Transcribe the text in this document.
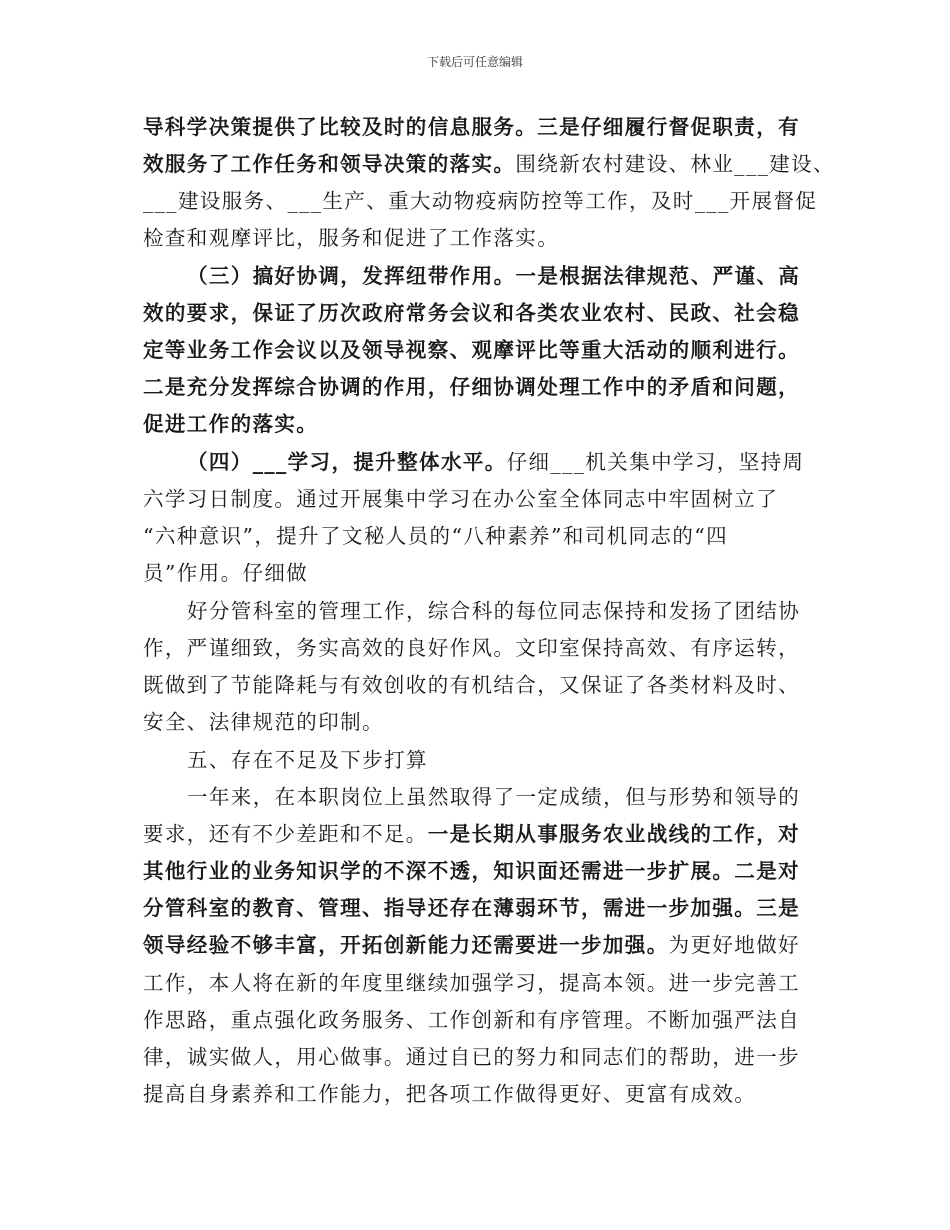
下载后可任意编辑
导科学决策提供了比较及时的信息服务。三是仔细履行督促职责，有
效服务了工作任务和领导决策的落实。围绕新农村建设、林业___建设、
___建设服务、___生产、重大动物疫病防控等工作，及时___开展督促
检查和观摩评比，服务和促进了工作落实。
（三）搞好协调，发挥纽带作用。一是根据法律规范、严谨、高
效的要求，保证了历次政府常务会议和各类农业农村、民政、社会稳
定等业务工作会议以及领导视察、观摩评比等重大活动的顺利进行。
二是充分发挥综合协调的作用，仔细协调处理工作中的矛盾和问题，
促进工作的落实。
（四）___学习，提升整体水平。仔细___机关集中学习，坚持周
六学习日制度。通过开展集中学习在办公室全体同志中牢固树立了
“六种意识”，提升了文秘人员的“八种素养”和司机同志的“四
员”作用。仔细做
好分管科室的管理工作，综合科的每位同志保持和发扬了团结协
作，严谨细致，务实高效的良好作风。文印室保持高效、有序运转，
既做到了节能降耗与有效创收的有机结合，又保证了各类材料及时、
安全、法律规范的印制。
五、存在不足及下步打算
一年来，在本职岗位上虽然取得了一定成绩，但与形势和领导的
要求，还有不少差距和不足。一是长期从事服务农业战线的工作，对
其他行业的业务知识学的不深不透，知识面还需进一步扩展。二是对
分管科室的教育、管理、指导还存在薄弱环节，需进一步加强。三是
领导经验不够丰富，开拓创新能力还需要进一步加强。为更好地做好
工作，本人将在新的年度里继续加强学习，提高本领。进一步完善工
作思路，重点强化政务服务、工作创新和有序管理。不断加强严法自
律，诚实做人，用心做事。通过自已的努力和同志们的帮助，进一步
提高自身素养和工作能力，把各项工作做得更好、更富有成效。
